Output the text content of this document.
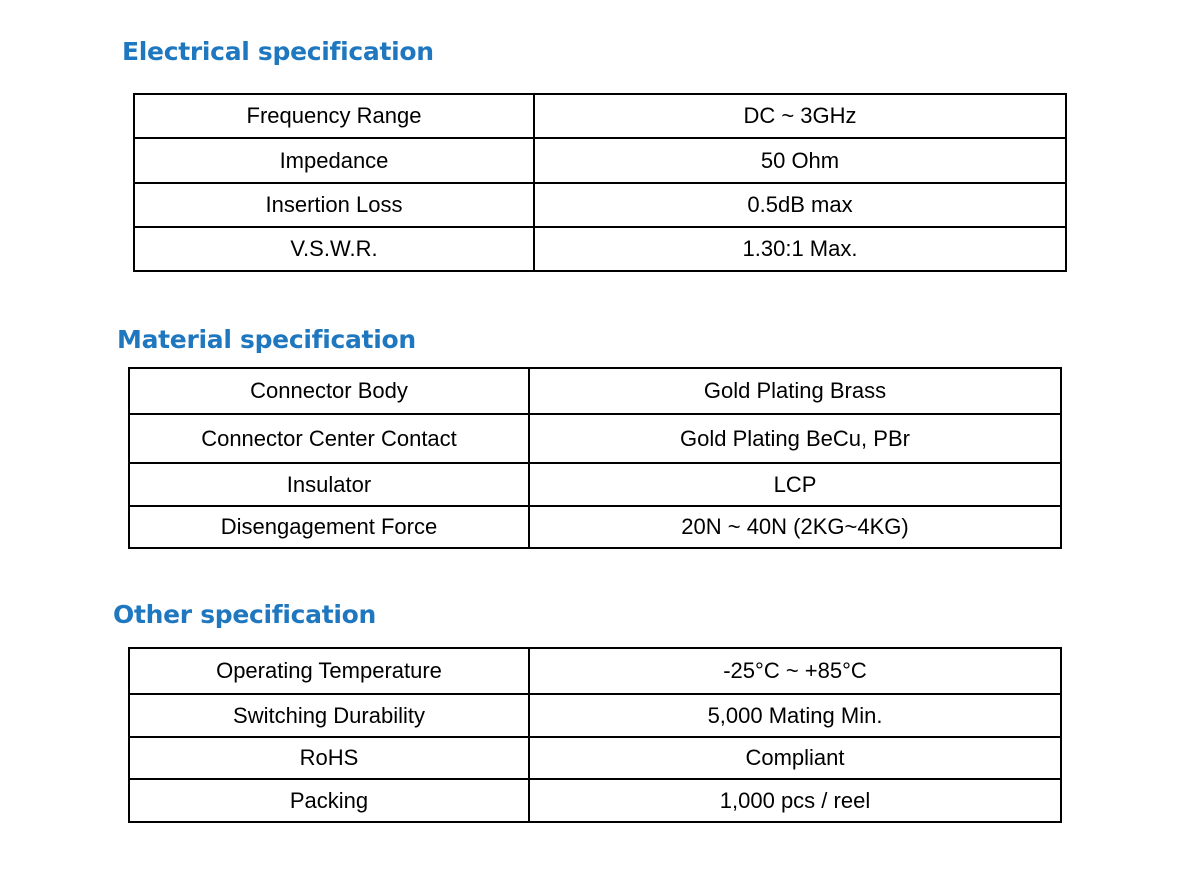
Electrical specification
Frequency Range	DC ~ 3GHz
Impedance	50 Ohm
Insertion Loss	0.5dB max
V.S.W.R.	1.30:1 Max.
Material specification
Connector Body	Gold Plating Brass
Connector Center Contact	Gold Plating BeCu, PBr
Insulator	LCP
Disengagement Force	20N ~ 40N (2KG~4KG)
Other specification
Operating Temperature	-25°C ~ +85°C
Switching Durability	5,000 Mating Min.
RoHS	Compliant
Packing	1,000 pcs / reel
